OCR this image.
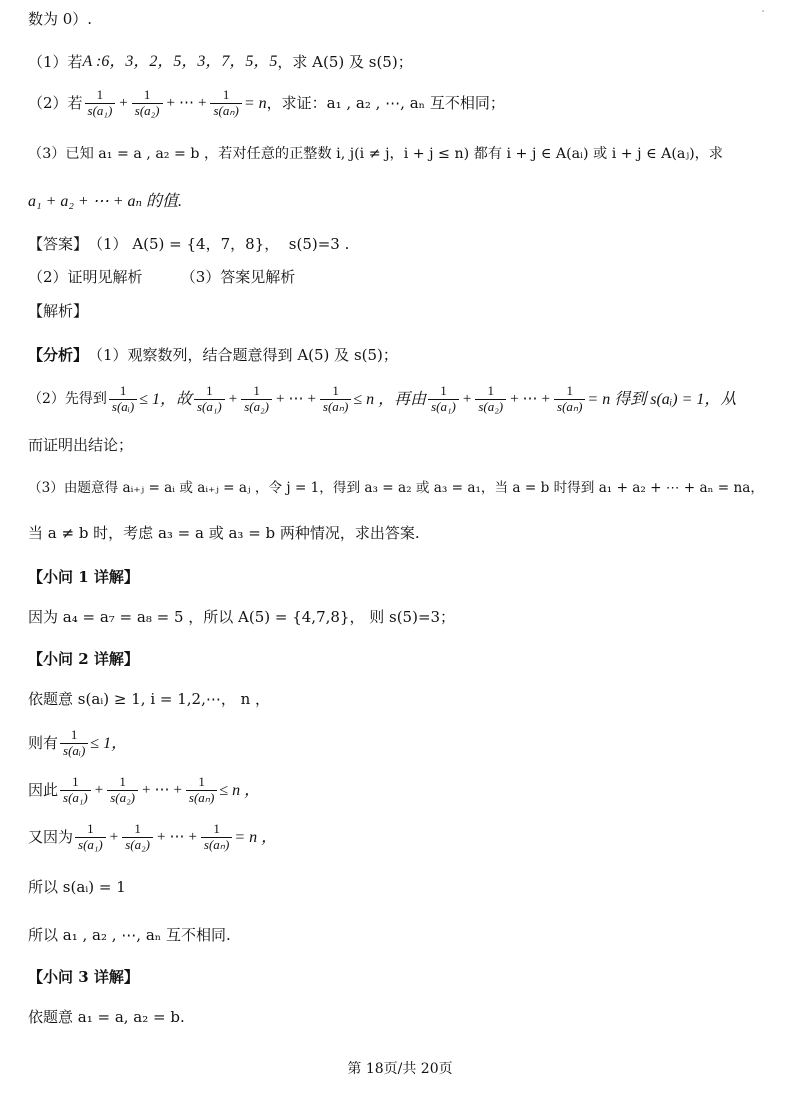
数为 0）.
（1）若 A :6，3，2，5，3，7，5，5 ，求 A(5) 及 s(5)；
（2）若 $\frac{1}{\text{s(a₁)}} + \frac{1}{\text{s(a₂)}}$ + ⋯ + $\frac{1}{\text{s(aₙ)}} = n$ ，求证：a₁ , a₂ , ⋯, aₙ 互不相同；
（3）已知 a₁ = a , a₂ = b ，若对任意的正整数 i, j(i ≠ j，i + j ≤ n) 都有 i + j ∈ A(aᵢ) 或 i + j ∈ A(aⱼ)，求
a₁ + a₂ + ⋯ + aₙ 的值.
【答案】 （1） A(5) = {4，7，8}，  s(5)=3 .
（2）证明见解析        （3）答案见解析
【解析】
【分析】 （1）观察数列，结合题意得到 A(5) 及 s(5)；
（2）先得到 $\frac{1}{\text{s(aᵢ)}} \le 1$，故 $\frac{1}{\text{s(a₁)}} + \frac{1}{\text{s(a₂)}}$ + ⋯ + $\frac{1}{\text{s(aₙ)}} \le n$ ，再由 $\frac{1}{\text{s(a₁)}} + \frac{1}{\text{s(a₂)}}$ + ⋯ + $\frac{1}{\text{s(aₙ)}} = n$ 得到 s(aᵢ) = 1，从
而证明出结论；
（3）由题意得 aᵢ₊ⱼ = aᵢ 或 aᵢ₊ⱼ = aⱼ ，令 j = 1，得到 a₃ = a₂ 或 a₃ = a₁，当 a = b 时得到 a₁ + a₂ + ⋯ + aₙ = na，
当 a ≠ b 时，考虑 a₃ = a 或 a₃ = b 两种情况，求出答案.
【小问 1 详解】
因为 a₄ = a₇ = a₈ = 5 ，所以 A(5) = {4,7,8}， 则 s(5)=3；
【小问 2 详解】
依题意 s(aᵢ) ≥ 1, i = 1,2,⋯， n ，
则有 $\frac{1}{\text{s(aᵢ)}} \le 1$，
因此 $\frac{1}{\text{s(a₁)}} + \frac{1}{\text{s(a₂)}}$ + ⋯ + $\frac{1}{\text{s(aₙ)}} \le n$ ，
又因为 $\frac{1}{\text{s(a₁)}} + \frac{1}{\text{s(a₂)}}$ + ⋯ + $\frac{1}{\text{s(aₙ)}} = n$ ，
所以 s(aᵢ) = 1
所以 a₁ , a₂ , ⋯, aₙ 互不相同.
【小问 3 详解】
依题意 a₁ = a, a₂ = b.
第 18页/共 20页
